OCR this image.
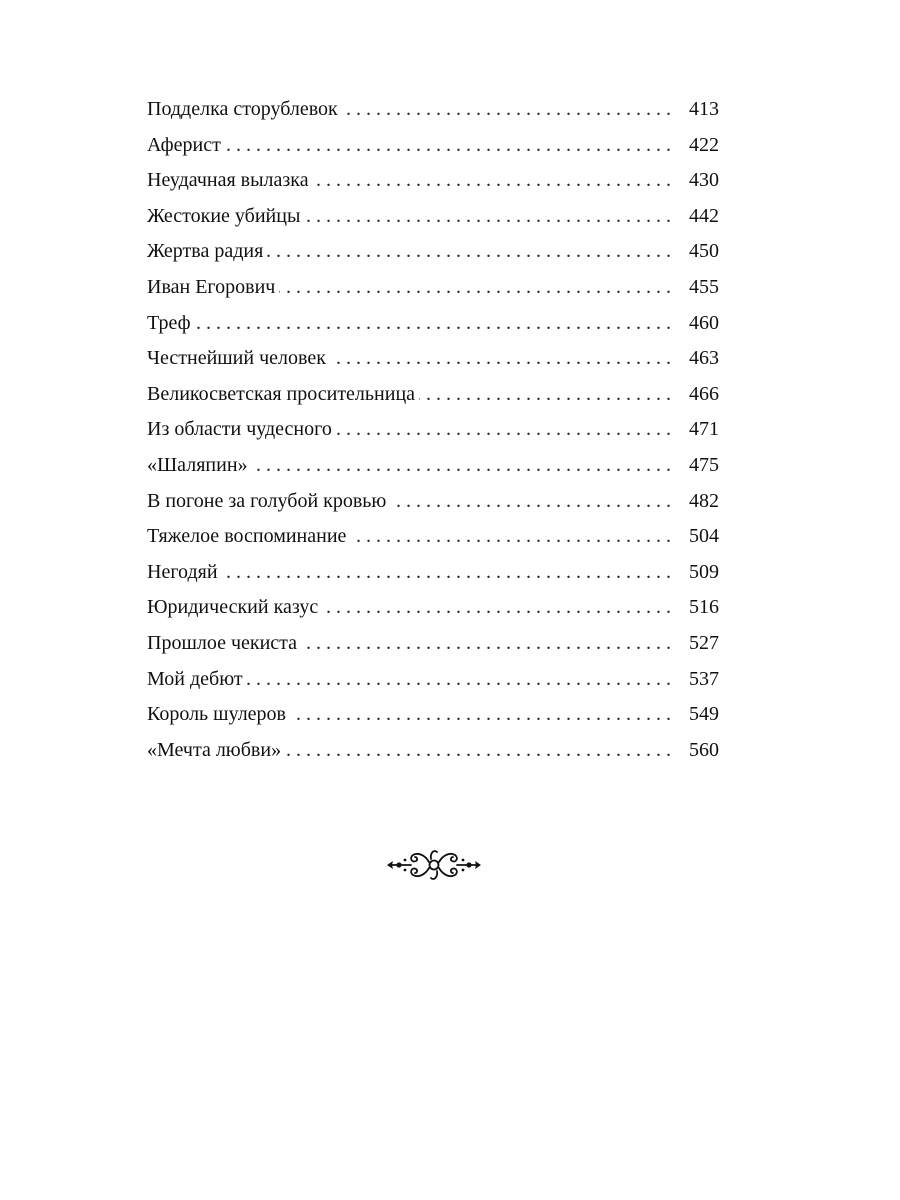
Подделка сторублевок . . .	413
Аферист . . .	422
Неудачная вылазка . . .	430
Жестокие убийцы . . .	442
Жертва радия . . .	450
Иван Егорович . . .	455
Треф . . .	460
Честнейший человек . . .	463
Великосветская просительница . . .	466
Из области чудесного . . .	471
«Шаляпин» . . .	475
В погоне за голубой кровью . . .	482
Тяжелое воспоминание . . .	504
Негодяй . . .	509
Юридический казус . . .	516
Прошлое чекиста . . .	527
Мой дебют . . .	537
Король шулеров . . .	549
«Мечта любви» . . .	560
